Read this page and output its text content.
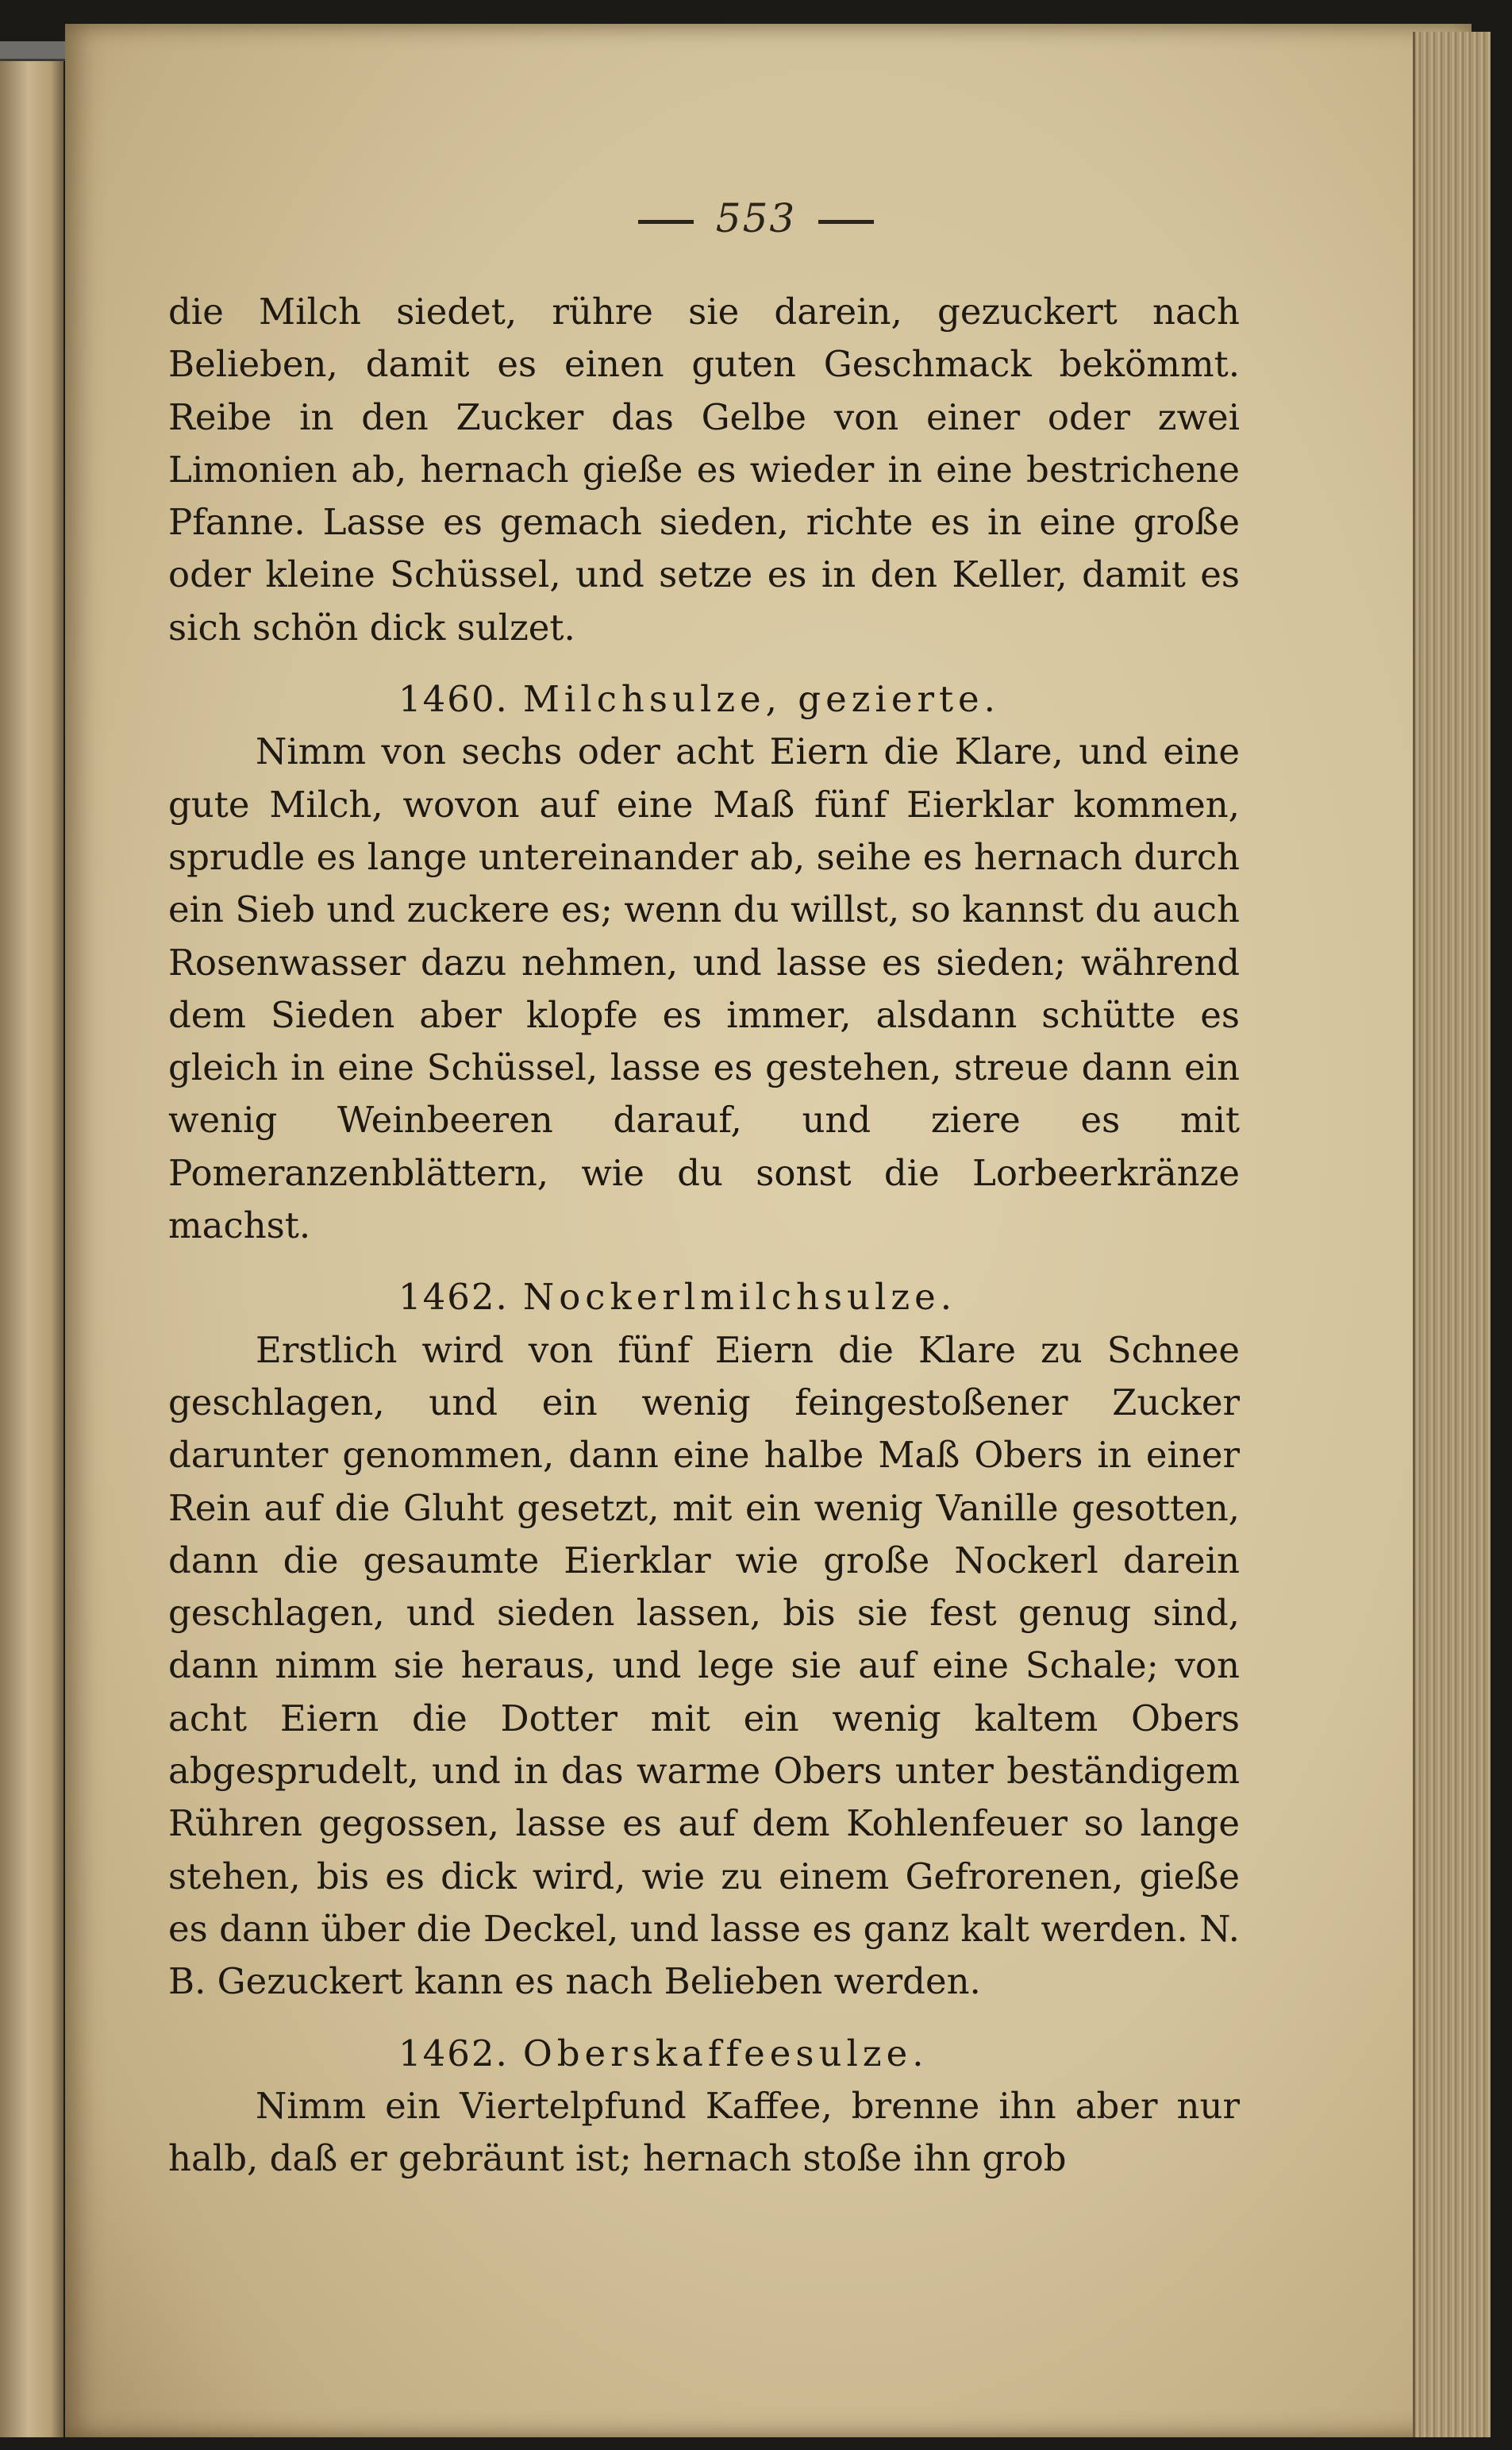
553

die Milch siedet, rühre sie darein, gezuckert nach Belieben, damit es einen guten Geschmack bekömmt. Reibe in den Zucker das Gelbe von einer oder zwei Limonien ab, hernach gieße es wieder in eine bestrichene Pfanne. Lasse es gemach sieden, richte es in eine große oder kleine Schüssel, und setze es in den Keller, damit es sich schön dick sulzet.

1460. Milchsulze, gezierte.

Nimm von sechs oder acht Eiern die Klare, und eine gute Milch, wovon auf eine Maß fünf Eierklar kommen, sprudle es lange untereinander ab, seihe es hernach durch ein Sieb und zuckere es; wenn du willst, so kannst du auch Rosenwasser dazu nehmen, und lasse es sieden; während dem Sieden aber klopfe es immer, alsdann schütte es gleich in eine Schüssel, lasse es gestehen, streue dann ein wenig Weinbeeren darauf, und ziere es mit Pomeranzenblättern, wie du sonst die Lorbeerkränze machst.

1462. Nockerlmilchsulze.

Erstlich wird von fünf Eiern die Klare zu Schnee geschlagen, und ein wenig feingestoßener Zucker darunter genommen, dann eine halbe Maß Obers in einer Rein auf die Gluht gesetzt, mit ein wenig Vanille gesotten, dann die gesaumte Eierklar wie große Nockerl darein geschlagen, und sieden lassen, bis sie fest genug sind, dann nimm sie heraus, und lege sie auf eine Schale; von acht Eiern die Dotter mit ein wenig kaltem Obers abgesprudelt, und in das warme Obers unter beständigem Rühren gegossen, lasse es auf dem Kohlenfeuer so lange stehen, bis es dick wird, wie zu einem Gefrorenen, gieße es dann über die Deckel, und lasse es ganz kalt werden. N. B. Gezuckert kann es nach Belieben werden.

1462. Oberskaffeesulze.

Nimm ein Viertelpfund Kaffee, brenne ihn aber nur halb, daß er gebräunt ist; hernach stoße ihn grob
